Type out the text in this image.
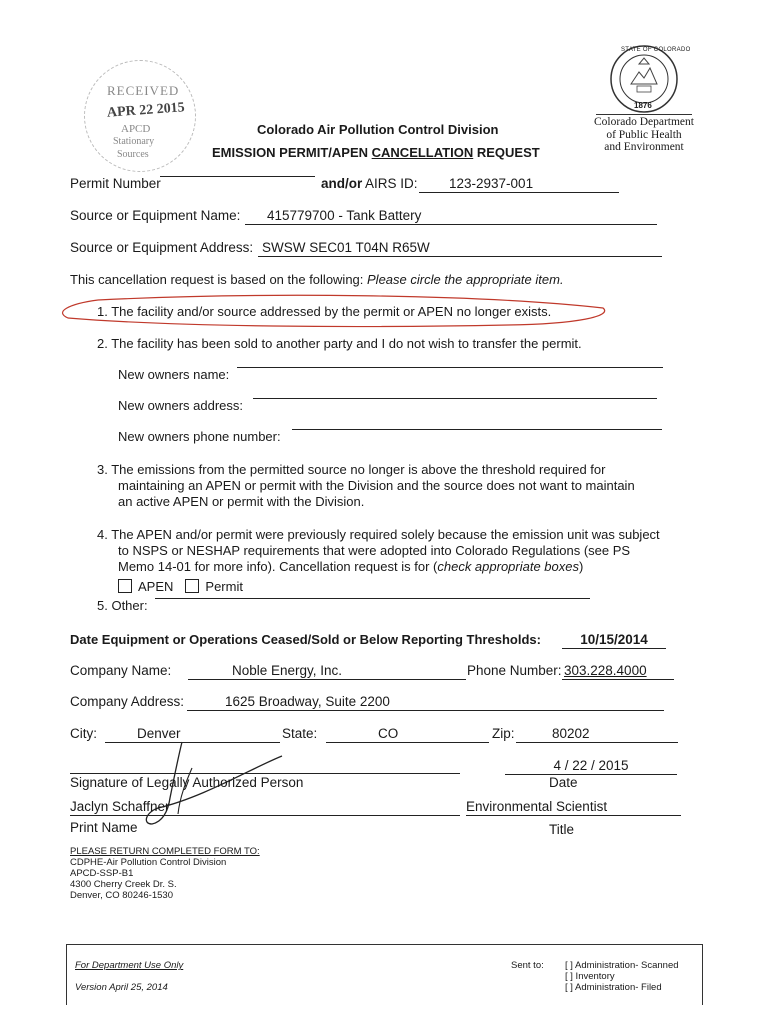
RECEIVED
APR 22 2015
APCD
Stationary
Sources
Colorado Air Pollution Control Division
EMISSION PERMIT/APEN CANCELLATION REQUEST
STATE OF COLORADO
1876
Colorado Department
of Public Health
and Environment
Permit Number	and/or AIRS ID:	123-2937-001
Source or Equipment Name:	415779700 - Tank Battery
Source or Equipment Address: SWSW SEC01 T04N R65W
This cancellation request is based on the following: Please circle the appropriate item.
1. The facility and/or source addressed by the permit or APEN no longer exists.
2. The facility has been sold to another party and I do not wish to transfer the permit.
New owners name:
New owners address:
New owners phone number:
3. The emissions from the permitted source no longer is above the threshold required for
maintaining an APEN or permit with the Division and the source does not want to maintain
an active APEN or permit with the Division.
4. The APEN and/or permit were previously required solely because the emission unit was subject
to NSPS or NESHAP requirements that were adopted into Colorado Regulations (see PS
Memo 14-01 for more info). Cancellation request is for (check appropriate boxes)
APEN Permit
5. Other:
Date Equipment or Operations Ceased/Sold or Below Reporting Thresholds:	10/15/2014
Company Name:	Noble Energy, Inc.	Phone Number: 303.228.4000
Company Address:	1625 Broadway, Suite 2200
City:	Denver	State:	CO	Zip:	80202
4 / 22 / 2015
Signature of Legally Authorized Person	Date
Jaclyn Schaffner	Environmental Scientist
Print Name	Title
PLEASE RETURN COMPLETED FORM TO:
CDPHE-Air Pollution Control Division
APCD-SSP-B1
4300 Cherry Creek Dr. S.
Denver, CO 80246-1530
For Department Use Only
Version April 25, 2014
Sent to: [ ] Administration- Scanned
[ ] Inventory
[ ] Administration- Filed
